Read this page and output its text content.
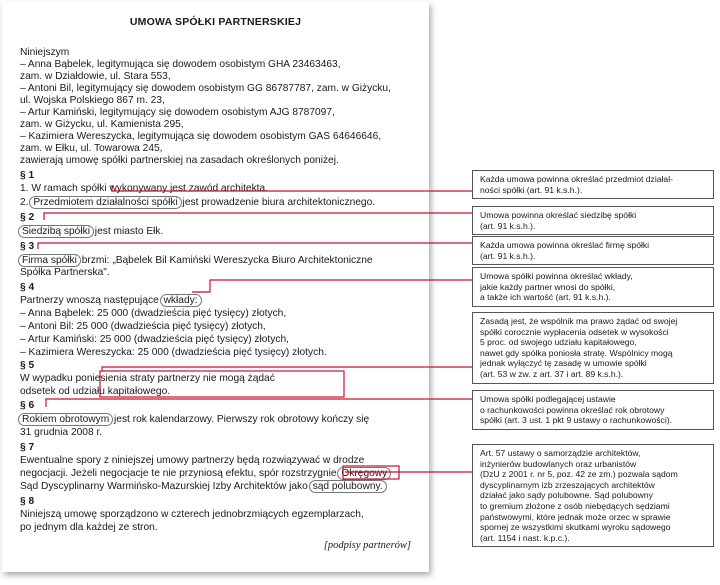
UMOWA SPÓŁKI PARTNERSKIEJ
Niniejszym
– Anna Bąbelek, legitymująca się dowodem osobistym GHA 23463463,
zam. w Działdowie, ul. Stara 553,
– Antoni Bil, legitymujący się dowodem osobistym GG 86787787, zam. w Giżycku,
ul. Wojska Polskiego 867 m. 23,
– Artur Kamiński, legitymujący się dowodem osobistym AJG 8787097,
zam. w Giżycku, ul. Kamienista 295,
– Kazimiera Wereszycka, legitymująca się dowodem osobistym GAS 64646646,
zam. w Ełku, ul. Towarowa 245,
zawierają umowę spółki partnerskiej na zasadach określonych poniżej.
§ 1
1. W ramach spółki wykonywany jest zawód architekta.
2. Przedmiotem działalności spółki jest prowadzenie biura architektonicznego.
§ 2
Siedzibą spółki jest miasto Ełk.
§ 3
Firma spółki brzmi: „Bąbelek Bil Kamiński Wereszycka Biuro Architektoniczne
Spółka Partnerska".
§ 4
Partnerzy wnoszą następujące wkłady:
– Anna Bąbelek: 25 000 (dwadzieścia pięć tysięcy) złotych,
– Antoni Bil: 25 000 (dwadzieścia pięć tysięcy) złotych,
– Artur Kamiński: 25 000 (dwadzieścia pięć tysięcy) złotych,
– Kazimiera Wereszycka: 25 000 (dwadzieścia pięć tysięcy) złotych.
§ 5
W wypadku poniesienia straty partnerzy nie mogą żądać
odsetek od udziału kapitałowego.
§ 6
Rokiem obrotowym jest rok kalendarzowy. Pierwszy rok obrotowy kończy się
31 grudnia 2008 r.
§ 7
Ewentualne spory z niniejszej umowy partnerzy będą rozwiązywać w drodze
negocjacji. Jeżeli negocjacje te nie przyniosą efektu, spór rozstrzygnie Okręgowy
Sąd Dyscyplinarny Warmińsko-Mazurskiej Izby Architektów jako sąd polubowny.
§ 8
Niniejszą umowę sporządzono w czterech jednobrzmiących egzemplarzach,
po jednym dla każdej ze stron.
[podpisy partnerów]
Każda umowa powinna określać przedmiot działal-
ności spółki (art. 91 k.s.h.).
Umowa powinna określać siedzibę spółki
(art. 91 k.s.h.).
Każda umowa powinna określać firmę spółki
(art. 91 k.s.h.).
Umowa spółki powinna określać wkłady,
jakie każdy partner wnosi do spółki,
a także ich wartość (art. 91 k.s.h.).
Zasadą jest, że wspólnik ma prawo żądać od swojej
spółki corocznie wypłacenia odsetek w wysokości
5 proc. od swojego udziału kapitałowego,
nawet gdy spółka poniosła stratę. Wspólnicy mogą
jednak wyłączyć tę zasadę w umowie spółki
(art. 53 w zw. z art. 37 i art. 89 k.s.h.).
Umowa spółki podlegającej ustawie
o rachunkowości powinna określać rok obrotowy
spółki (art. 3 ust. 1 pkt 9 ustawy o rachunkowości).
Art. 57 ustawy o samorządzie architektów,
inżynierów budowlanych oraz urbanistów
(DzU z 2001 r. nr 5, poz. 42 ze zm.) pozwala sądom
dyscyplinarnym izb zrzeszających architektów
działać jako sądy polubowne. Sąd polubowny
to gremium złożone z osób niebędących sędziami
państwowymi, które jednak może orzec w sprawie
spornej ze wszystkimi skutkami wyroku sądowego
(art. 1154 i nast. k.p.c.).
